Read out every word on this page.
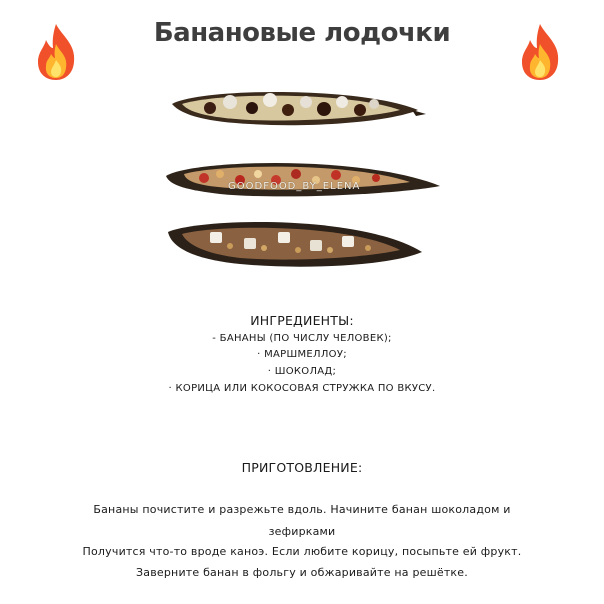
Банановые лодочки
GOODFOOD_BY_ELENA
ИНГРЕДИЕНТЫ:
- БАНАНЫ (ПО ЧИСЛУ ЧЕЛОВЕК);
· МАРШМЕЛЛОУ;
· ШОКОЛАД;
· КОРИЦА ИЛИ КОКОСОВАЯ СТРУЖКА ПО ВКУСУ.
ПРИГОТОВЛЕНИЕ:
Бананы почистите и разрежьте вдоль. Начините банан шоколадом и
зефирками
Получится что-то вроде каноэ. Если любите корицу, посыпьте ей фрукт.
Заверните банан в фольгу и обжаривайте на решётке.
